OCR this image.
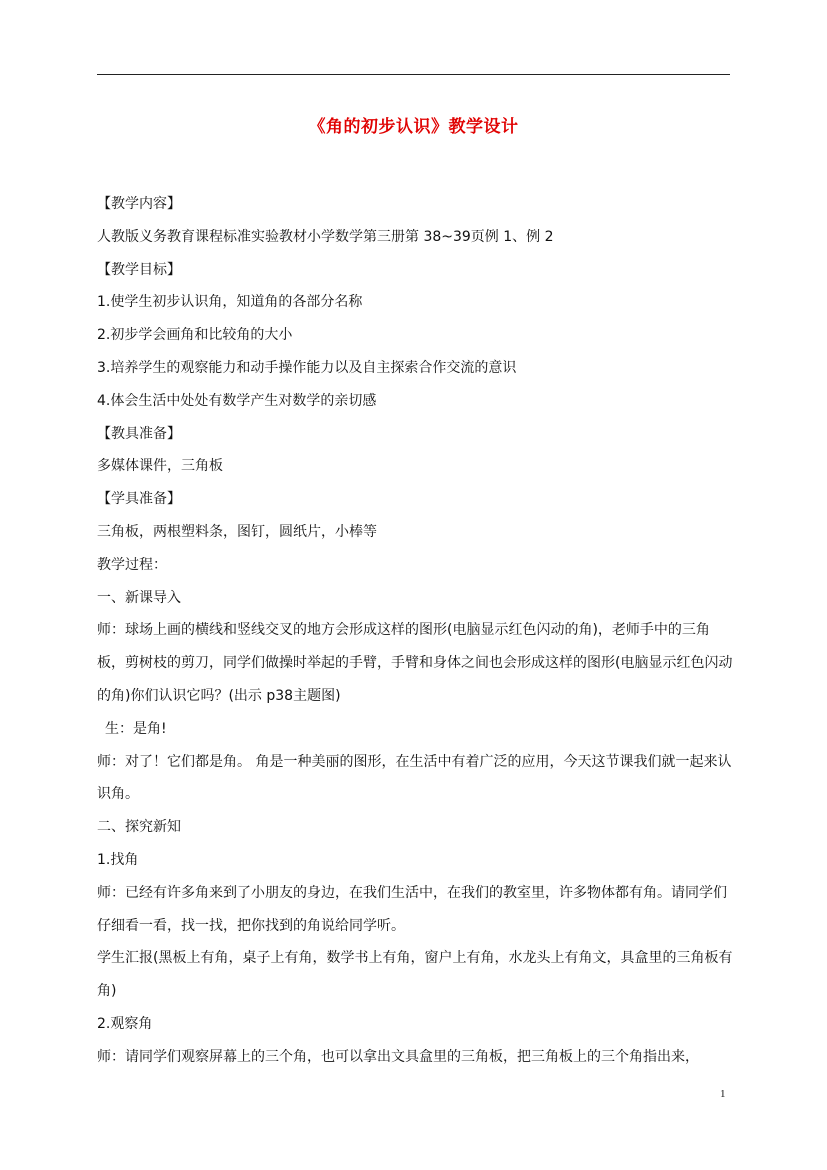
《角的初步认识》教学设计

【教学内容】

人教版义务教育课程标准实验教材小学数学第三册第 38~39页例 1、例 2

【教学目标】

1.使学生初步认识角，知道角的各部分名称

2.初步学会画角和比较角的大小

3.培养学生的观察能力和动手操作能力以及自主探索合作交流的意识

4.体会生活中处处有数学产生对数学的亲切感

【教具准备】

多媒体课件，三角板

【学具准备】

三角板，两根塑料条，图钉，圆纸片，小棒等

教学过程：

一、新课导入

师：球场上画的横线和竖线交叉的地方会形成这样的图形(电脑显示红色闪动的角)，老师手中的三角板，剪树枝的剪刀，同学们做操时举起的手臂，手臂和身体之间也会形成这样的图形(电脑显示红色闪动的角)你们认识它吗？(出示 p38主题图)

生：是角!

师：对了！它们都是角。 角是一种美丽的图形，在生活中有着广泛的应用，今天这节课我们就一起来认识角。

二、探究新知

1.找角

师：已经有许多角来到了小朋友的身边，在我们生活中，在我们的教室里，许多物体都有角。请同学们仔细看一看，找一找，把你找到的角说给同学听。

学生汇报(黑板上有角，桌子上有角，数学书上有角，窗户上有角，水龙头上有角文，具盒里的三角板有角)

2.观察角

师：请同学们观察屏幕上的三个角，也可以拿出文具盒里的三角板，把三角板上的三个角指出来，

1
